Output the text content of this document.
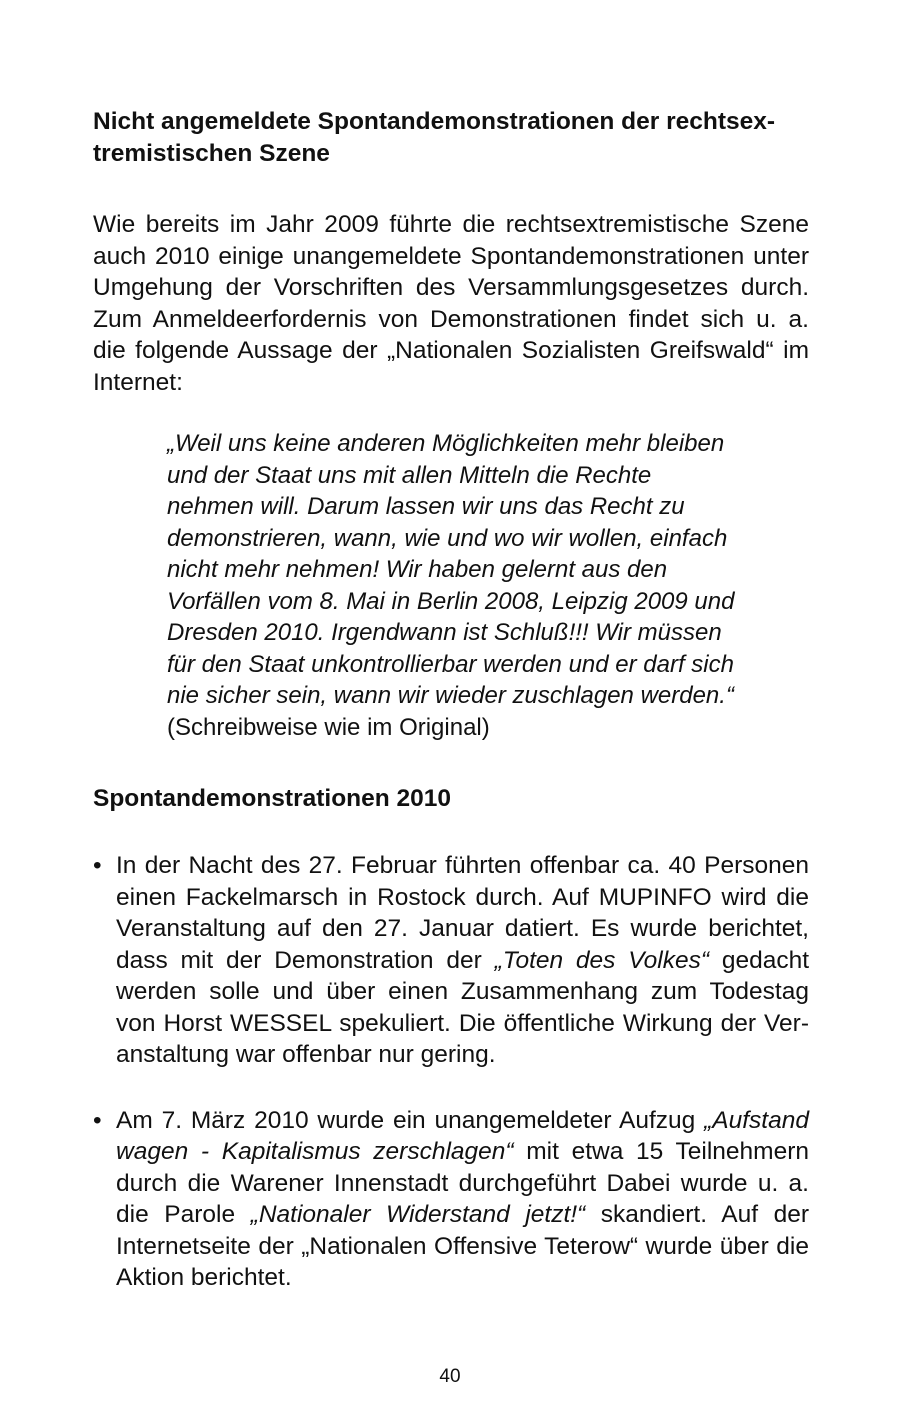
Nicht angemeldete Spontandemonstrationen der rechtsextremistischen Szene

Wie bereits im Jahr 2009 führte die rechtsextremistische Szene auch 2010 einige unangemeldete Spontandemonstrationen unter Umgehung der Vorschriften des Versammlungsgesetzes durch. Zum Anmeldeerfordernis von Demonstrationen findet sich u. a. die folgende Aussage der „Nationalen Sozialisten Greifswald“ im Internet:

„Weil uns keine anderen Möglichkeiten mehr bleiben und der Staat uns mit allen Mitteln die Rechte nehmen will. Darum lassen wir uns das Recht zu demonstrieren, wann, wie und wo wir wollen, einfach nicht mehr nehmen! Wir haben gelernt aus den Vorfällen vom 8. Mai in Berlin 2008, Leipzig 2009 und Dresden 2010. Irgendwann ist Schluß!!! Wir müssen für den Staat unkontrollierbar werden und er darf sich nie sicher sein, wann wir wieder zuschlagen werden.“
(Schreibweise wie im Original)
Spontandemonstrationen 2010
• In der Nacht des 27. Februar führten offenbar ca. 40 Personen einen Fackelmarsch in Rostock durch. Auf MUPINFO wird die Veranstaltung auf den 27. Januar datiert. Es wurde berichtet, dass mit der Demonstration der „Toten des Volkes“ gedacht werden solle und über einen Zusammenhang zum Todestag von Horst WESSEL spekuliert. Die öffentliche Wirkung der Veranstaltung war offenbar nur gering.
• Am 7. März 2010 wurde ein unangemeldeter Aufzug „Aufstand wagen - Kapitalismus zerschlagen“ mit etwa 15 Teilnehmern durch die Warener Innenstadt durchgeführt Dabei wurde u. a. die Parole „Nationaler Widerstand jetzt!“ skandiert. Auf der Internetseite der „Nationalen Offensive Teterow“ wurde über die Aktion berichtet.
40
